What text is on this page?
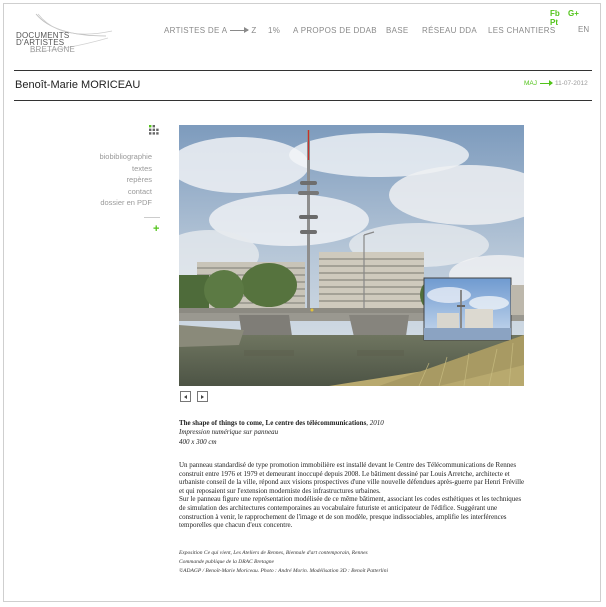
DOCUMENTS
D'ARTISTES
BRETAGNE
Fb G+ Pt
EN
ARTISTES DE A	Z 1% A PROPOS DE DDAB BASE RÉSEAU DDA LES CHANTIERS
Benoît-Marie MORICEAU	MAJ	11-07-2012
biobibliographie
textes
repères
contact
dossier en PDF
+
The shape of things to come, Le centre des télécommunications, 2010
Impression numérique sur panneau
400 x 300 cm

Un panneau standardisé de type promotion immobilière est installé devant le Centre des Télécommunications de Rennes construit entre 1976 et 1979 et demeurant inoccupé depuis 2008. Le bâtiment dessiné par Louis Arretche, architecte et urbaniste conseil de la ville, répond aux visions prospectives d'une ville nouvelle défendues après-guerre par Henri Fréville et qui reposaient sur l'extension moderniste des infrastructures urbaines.

Sur le panneau figure une représentation modélisée de ce même bâtiment, associant les codes esthétiques et les techniques de simulation des architectures contemporaines au vocabulaire futuriste et anticipateur de l'édifice. Suggérant une construction à venir, le rapprochement de l'image et de son modèle, presque indissociables, amplifie les interférences temporelles que chacun d'eux concentre.

Exposition Ce qui vient, Les Ateliers de Rennes, Biennale d'art contemporain, Rennes
Commande publique de la DRAC Bretagne
©ADAGP / Benoît-Marie Moriceau. Photo : André Morin. Modélisation 3D : Benoît Patterlini
